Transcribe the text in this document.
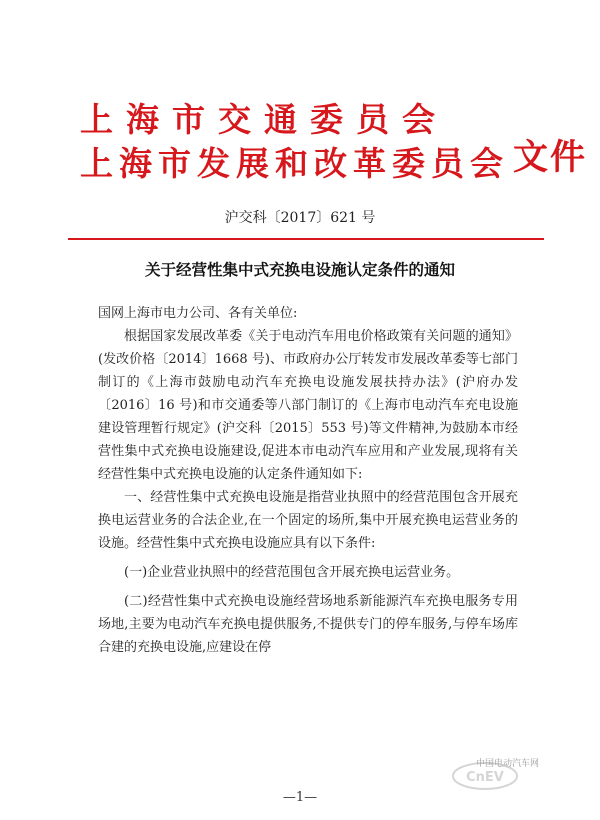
上海市交通委员会
上海市发展和改革委员会 文件
沪交科〔2017〕621 号
关于经营性集中式充换电设施认定条件的通知

国网上海市电力公司、各有关单位:

根据国家发展改革委《关于电动汽车用电价格政策有关问题的通知》(发改价格〔2014〕1668 号)、市政府办公厅转发市发展改革委等七部门制订的《上海市鼓励电动汽车充换电设施发展扶持办法》(沪府办发〔2016〕16 号)和市交通委等八部门制订的《上海市电动汽车充电设施建设管理暂行规定》(沪交科〔2015〕553 号)等文件精神,为鼓励本市经营性集中式充换电设施建设,促进本市电动汽车应用和产业发展,现将有关经营性集中式充换电设施的认定条件通知如下:

一、经营性集中式充换电设施是指营业执照中的经营范围包含开展充换电运营业务的合法企业,在一个固定的场所,集中开展充换电运营业务的设施。经营性集中式充换电设施应具有以下条件:

(一)企业营业执照中的经营范围包含开展充换电运营业务。

(二)经营性集中式充换电设施经营场地系新能源汽车充换电服务专用场地,主要为电动汽车充换电提供服务,不提供专门的停车服务,与停车场库合建的充换电设施,应建设在停

CnEV
中国电动汽车网
—1—
